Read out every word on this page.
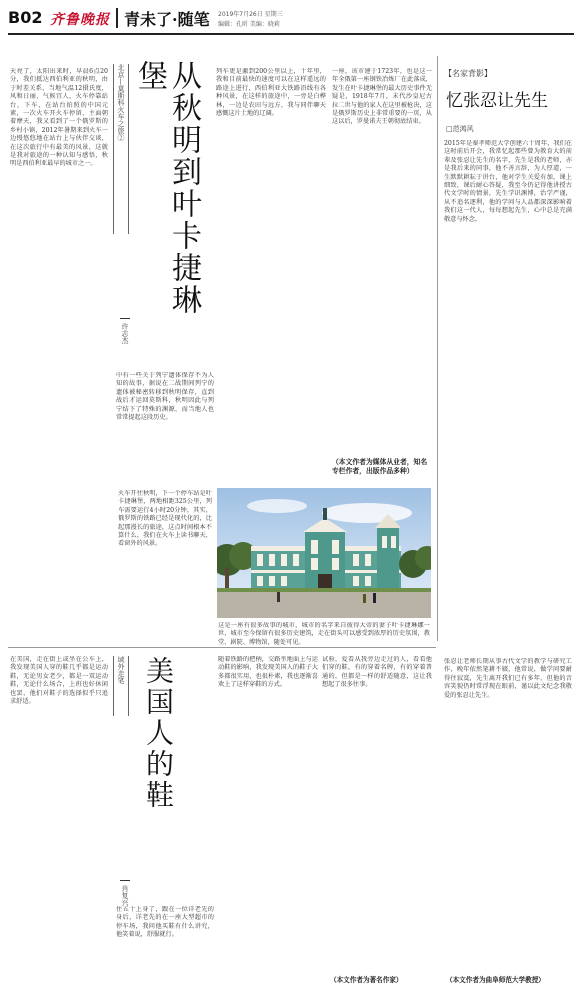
B02 齐鲁晚报 青未了·随笔 2019年7月26日 星期三
编辑：孔昕 美编：晓莉
天亮了，太阳出来时，早晨6点20分，我们抵达西伯利亚的秋明，由于时差关系，当地气温12摄氏度，风和日丽，气候宜人，火车停靠站台，下车，在站台拍照的中国元素，一次火车开火车停留，主面朝着摩天，我又看到了一个俄罗斯的乡村小镇，2012年暑期来到火车一边慢悠悠地在站台上与伙伴交谈，在这次旅行中有最美的风景，这就是我对旅途的一种认知与感悟，秋明是西伯利亚最早的城市之一。
北京—莫斯科火车之旅②	从秋明到叶卡捷琳堡
许志杰
列车更是激到200公里以上，十年里，我和目前最快的速度可以在这样遥远的路途上进行，西伯利亚大铁路沿线有各种风景，在这样的旅途中，一旁是白桦林，一边是农田与远方，我与同伴聊天感慨这片土地的辽阔。
一座，该市建于1723年，也是这一年全俄第一座钢铁冶炼厂在此落成，发生在叶卡捷琳堡的最大历史事件无疑是，1918年7月，末代沙皇尼古拉二世与他的家人在这里被枪决，这是俄罗斯历史上非常重要的一页，从这以后，罗曼诺夫王朝彻底结束。
中有一些关于列宁遗体保存不为人知的故事，据说在二战期间列宁的遗体被秘密转移到秋明保存，直到战后才运回莫斯科，秋明因此与列宁结下了特殊的渊源，而当地人也常常提起这段历史。
火车开往秋明，下一个停车站是叶卡捷琳堡，两地相距325公里，列车需要运行4小时20分钟，其实，俄罗斯的铁路已经是现代化的，比起那漫长的旅途，这点时间根本不算什么，我们在火车上读书聊天，看窗外的风景。
（本文作者为媒体从业者，知名专栏作者，出版作品多种）
这是一座有很多故事的城市，城市的名字来自彼得大帝的妻子叶卡捷琳娜一世，城市至今保留有很多历史建筑，走在街头可以感受到浓厚的历史氛围，教堂、剧院、博物馆，随处可见。
【名家背影】
忆张忍让先生
□范鸿风
2015年是秦孝师范大学创建六十周年，我们在这时前后开会，我常忆起那些曾为教育大的前辈及张忍让先生的名字，先生是我的老师，亦是我后来的同事，他不善言辞，为人厚道，一生默默耕耘于讲台，他对学生关爱有加，课上细致，课后耐心答疑，我至今仍记得他讲授古代文学时的情景，先生学识渊博，治学严谨，从不追名逐利，他的学问与人品都深深影响着我们这一代人，每每想起先生，心中总是充满敬意与怀念。
张忍让老师长期从事古代文学的教学与研究工作，晚年依然笔耕不辍，他常说，做学问要耐得住寂寞，先生离开我们已有多年，但他的音容笑貌仍时常浮现在眼前，谨以此文纪念我敬爱的张忍让先生。
（本文作者为曲阜师范大学教授）
在美国，走在街上或坐在公车上，我发现美国人穿的鞋几乎都是运动鞋，无论男女老少，都是一双运动鞋，无论什么场合，上班也好休闲也罢，他们对鞋子的选择似乎只追求舒适。
域外走笔 美国人的鞋
肖复兴
住五十上身了，跟在一位详老先的身后，详老先的在一座大型超市的停车场，我问他买鞋有什么讲究，他笑着说，舒服就行。
随着铁路的把柄，交路坐地面上与运动鞋的影响，我发现美国人的鞋子大多都很实用，也很朴素，我也逐渐喜欢上了这样穿鞋的方式。
试验，爱看从我旁边走过的人，看看他们穿的鞋，有的穿着名牌，有的穿着普通的，但都是一样的舒适随意，这让我想起了很多往事。
（本文作者为著名作家）
